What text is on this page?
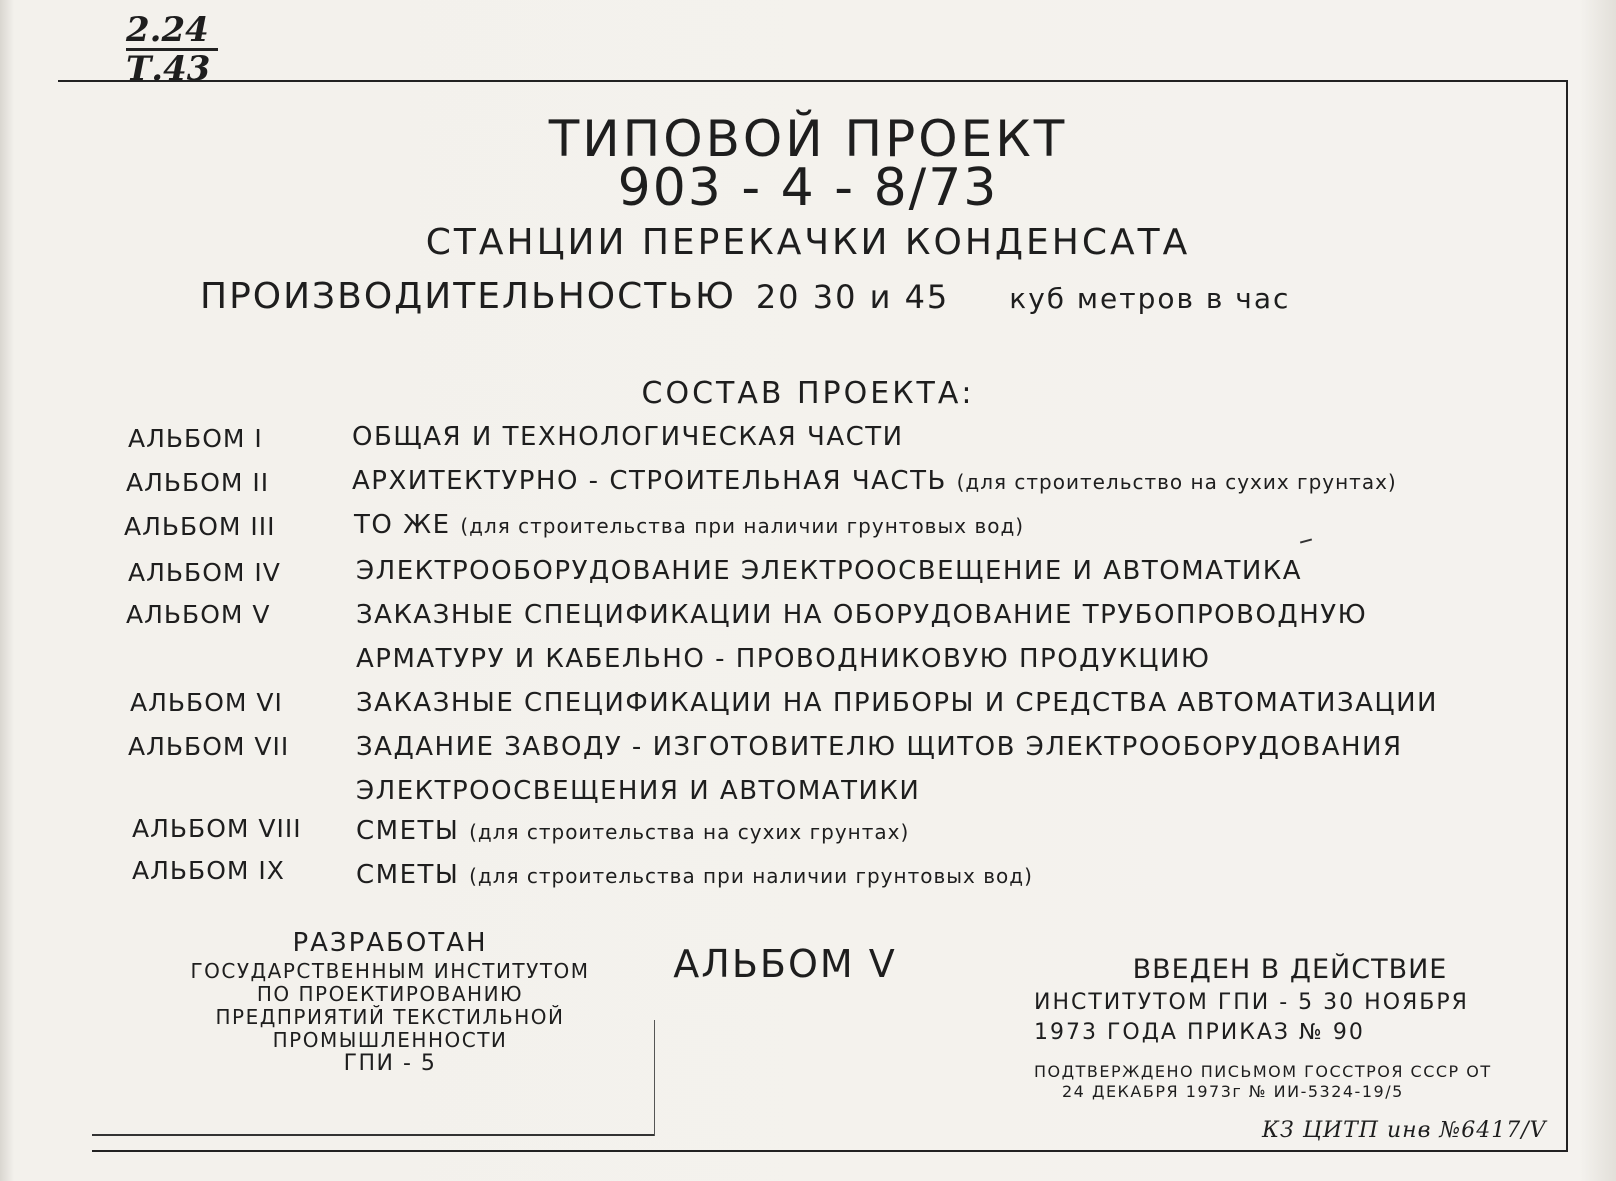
2.24
Т.43
ТИПОВОЙ ПРОЕКТ
903 - 4 - 8/73
СТАНЦИИ ПЕРЕКАЧКИ КОНДЕНСАТА
ПРОИЗВОДИТЕЛЬНОСТЬЮ 20 30 и 45 куб метров в час
СОСТАВ ПРОЕКТА:
АЛЬБОМ I	ОБЩАЯ И ТЕХНОЛОГИЧЕСКАЯ ЧАСТИ
АЛЬБОМ II	АРХИТЕКТУРНО - СТРОИТЕЛЬНАЯ ЧАСТЬ (для строительство на сухих грунтах)
АЛЬБОМ III	ТО ЖЕ (для строительства при наличии грунтовых вод)
АЛЬБОМ IV	ЭЛЕКТРООБОРУДОВАНИЕ ЭЛЕКТРООСВЕЩЕНИЕ И АВТОМАТИКА
АЛЬБОМ V	ЗАКАЗНЫЕ СПЕЦИФИКАЦИИ НА ОБОРУДОВАНИЕ ТРУБОПРОВОДНУЮ
АРМАТУРУ И КАБЕЛЬНО - ПРОВОДНИКОВУЮ ПРОДУКЦИЮ
АЛЬБОМ VI	ЗАКАЗНЫЕ СПЕЦИФИКАЦИИ НА ПРИБОРЫ И СРЕДСТВА АВТОМАТИЗАЦИИ
АЛЬБОМ VII	ЗАДАНИЕ ЗАВОДУ - ИЗГОТОВИТЕЛЮ ЩИТОВ ЭЛЕКТРООБОРУДОВАНИЯ
ЭЛЕКТРООСВЕЩЕНИЯ И АВТОМАТИКИ
АЛЬБОМ VIII СМЕТЫ (для строительства на сухих грунтах)
АЛЬБОМ IX	СМЕТЫ (для строительства при наличии грунтовых вод)
РАЗРАБОТАН
ГОСУДАРСТВЕННЫМ ИНСТИТУТОМ
ПО ПРОЕКТИРОВАНИЮ
ПРЕДПРИЯТИЙ ТЕКСТИЛЬНОЙ
ПРОМЫШЛЕННОСТИ
ГПИ - 5
АЛЬБОМ V	ВВЕДЕН В ДЕЙСТВИЕ
ИНСТИТУТОМ ГПИ - 5 30 НОЯБРЯ
1973 ГОДА ПРИКАЗ № 90
ПОДТВЕРЖДЕНО ПИСЬМОМ ГОССТРОЯ СССР ОТ
24 ДЕКАБРЯ 1973г № ИИ-5324-19/5
КЗ ЦИТП инв №6417/V
